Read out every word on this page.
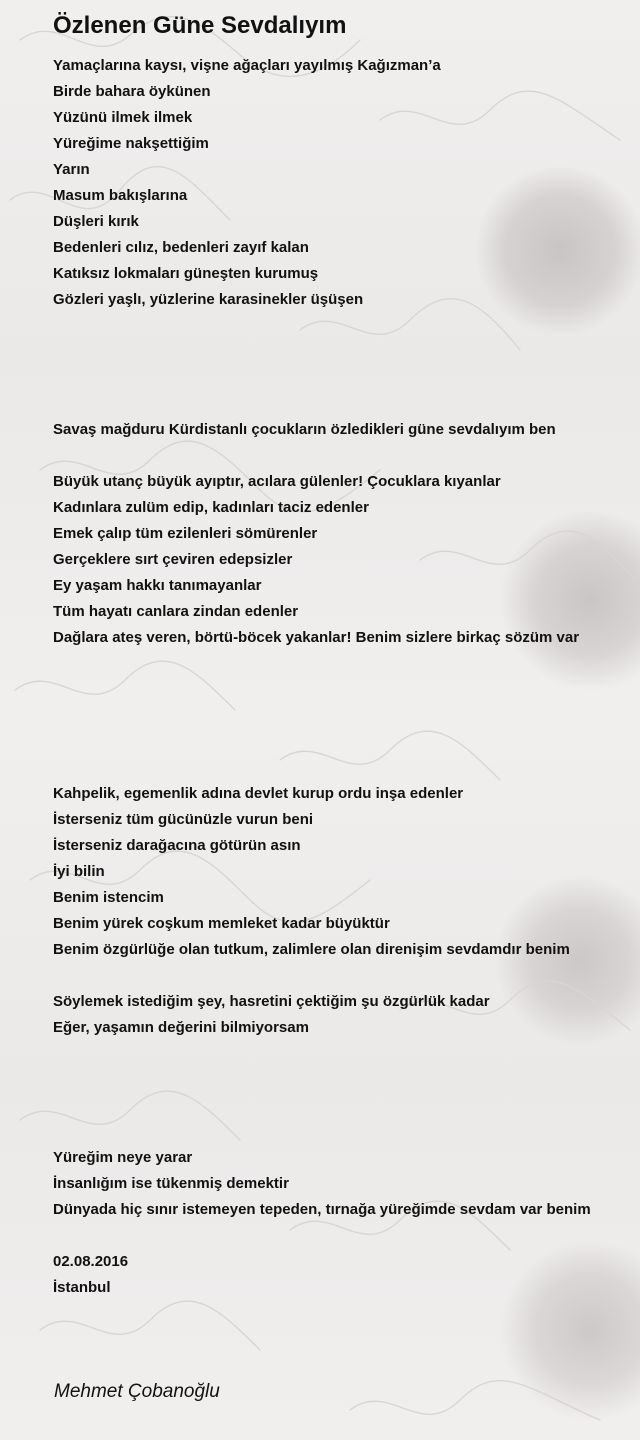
Özlenen Güne Sevdalıyım
Yamaçlarına kaysı, vişne ağaçları yayılmış Kağızman’a
Birde bahara öykünen
Yüzünü ilmek ilmek
Yüreğime nakşettiğim
Yarın
Masum bakışlarına
Düşleri kırık
Bedenleri cılız, bedenleri zayıf kalan
Katıksız lokmaları güneşten kurumuş
Gözleri yaşlı, yüzlerine karasinekler üşüşen
Savaş mağduru Kürdistanlı çocukların özledikleri güne sevdalıyım ben
Büyük utanç büyük ayıptır, acılara gülenler! Çocuklara kıyanlar
Kadınlara zulüm edip, kadınları taciz edenler
Emek çalıp tüm ezilenleri sömürenler
Gerçeklere sırt çeviren edepsizler
Ey yaşam hakkı tanımayanlar
Tüm hayatı canlara zindan edenler
Dağlara ateş veren, börtü-böcek yakanlar! Benim sizlere birkaç sözüm var
Kahpelik, egemenlik adına devlet kurup ordu inşa edenler
İsterseniz tüm gücünüzle vurun beni
İsterseniz darağacına götürün asın
İyi bilin
Benim istencim
Benim yürek coşkum memleket kadar büyüktür
Benim özgürlüğe olan tutkum, zalimlere olan direnişim sevdamdır benim
Söylemek istediğim şey, hasretini çektiğim şu özgürlük kadar
Eğer, yaşamın değerini bilmiyorsam
Yüreğim neye yarar
İnsanlığım ise tükenmiş demektir
Dünyada hiç sınır istemeyen tepeden, tırnağa yüreğimde sevdam var benim
02.08.2016
İstanbul
Mehmet Çobanoğlu
